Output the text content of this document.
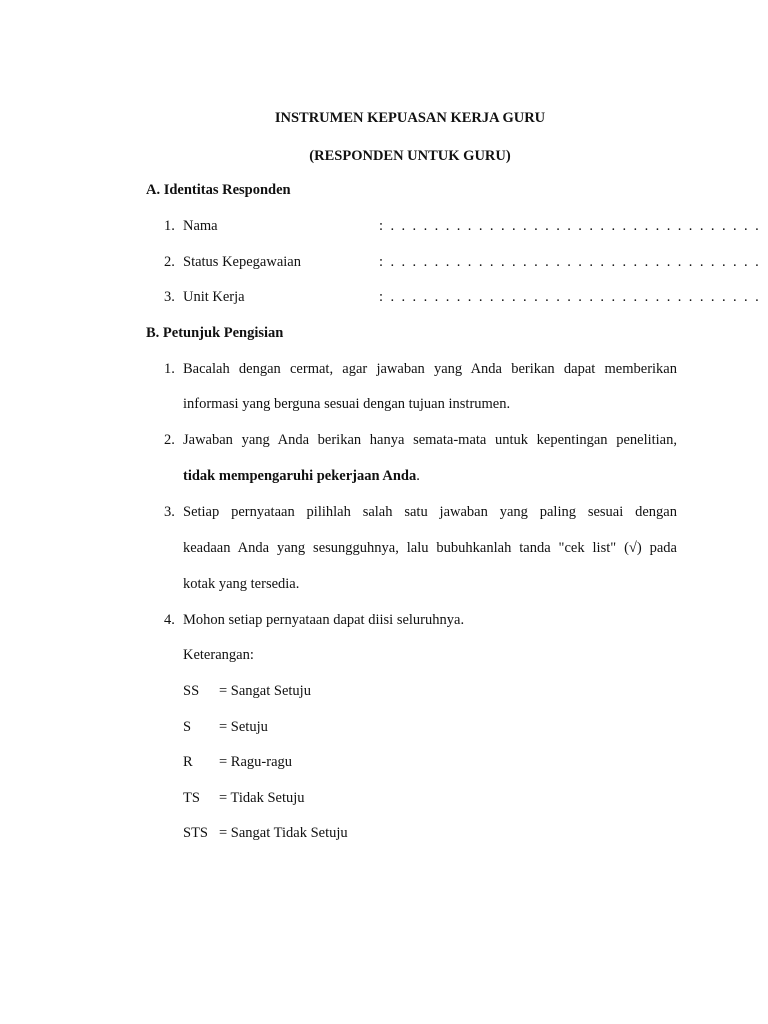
INSTRUMEN KEPUASAN KERJA GURU
(RESPONDEN UNTUK GURU)
A. Identitas Responden
1. Nama	: . . . . . . . . . . . . . . . . . . . . . . . . . . . . . . . . . .
2. Status Kepegawaian	: . . . . . . . . . . . . . . . . . . . . . . . . . . . . . . . . . .
3. Unit Kerja	: . . . . . . . . . . . . . . . . . . . . . . . . . . . . . . . . . .
B. Petunjuk Pengisian
1. Bacalah dengan cermat, agar jawaban yang Anda berikan dapat memberikan
informasi yang berguna sesuai dengan tujuan instrumen.
2. Jawaban yang Anda berikan hanya semata-mata untuk kepentingan penelitian,
tidak mempengaruhi pekerjaan Anda.
3. Setiap pernyataan pilihlah salah satu jawaban yang paling sesuai dengan
keadaan Anda yang sesungguhnya, lalu bubuhkanlah tanda "cek list" (√) pada
kotak yang tersedia.
4. Mohon setiap pernyataan dapat diisi seluruhnya.
Keterangan:
SS = Sangat Setuju
S = Setuju
R = Ragu-ragu
TS = Tidak Setuju
STS = Sangat Tidak Setuju
